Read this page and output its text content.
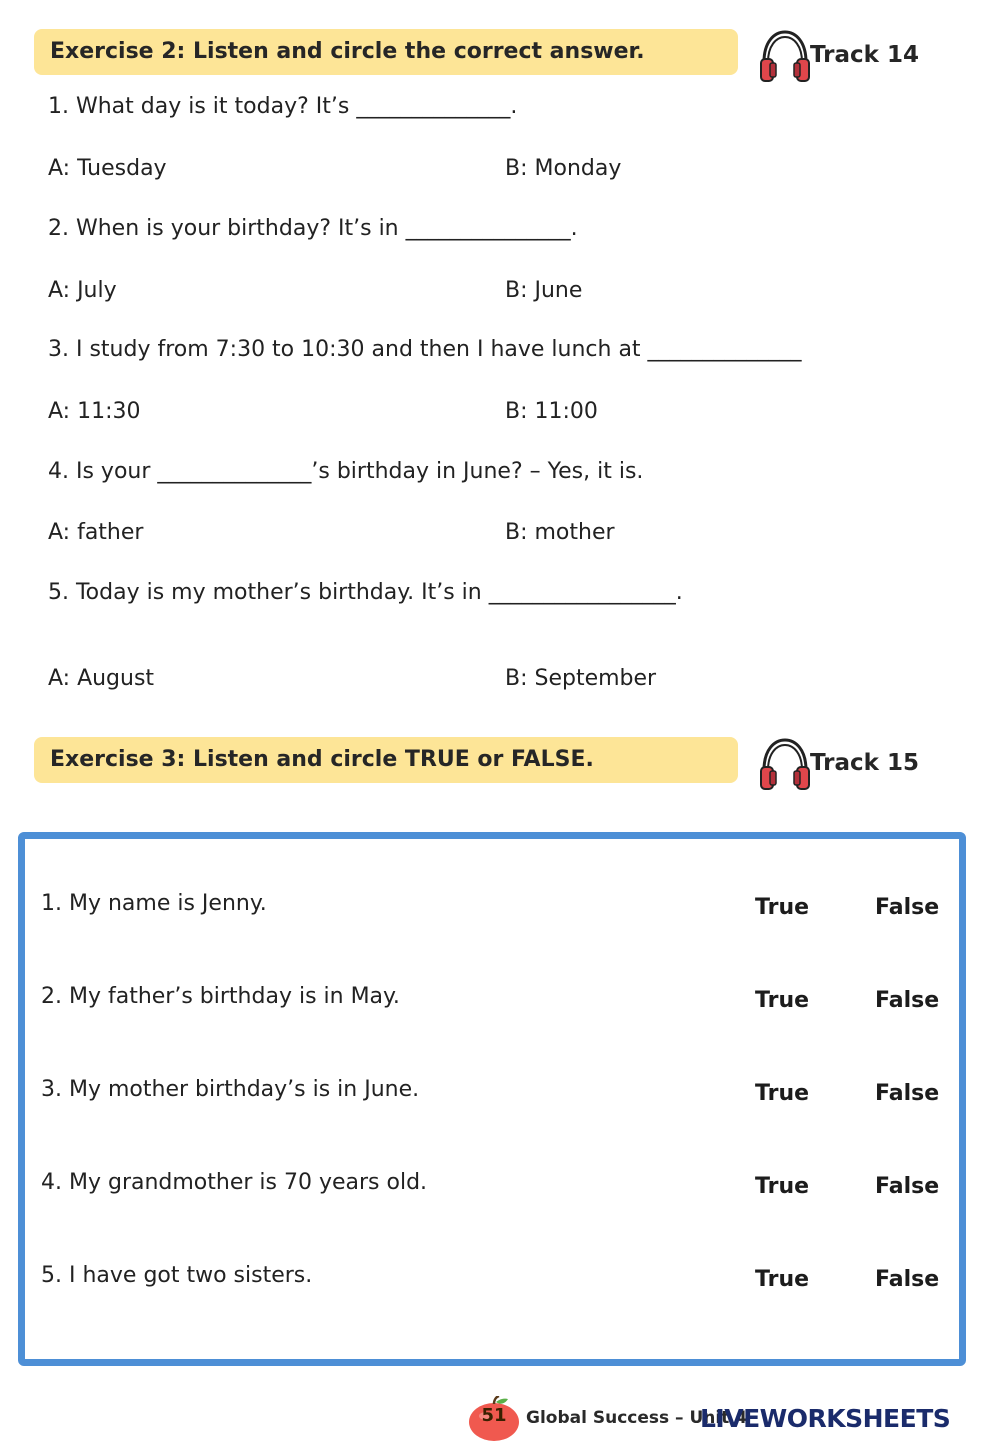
Exercise 2: Listen and circle the correct answer.	Track 14
1. What day is it today? It’s ______________.
A: Tuesday	B: Monday
2. When is your birthday? It’s in _______________.
A: July	B: June
3. I study from 7:30 to 10:30 and then I have lunch at ______________
A: 11:30	B: 11:00
4. Is your ______________’s birthday in June? – Yes, it is.
A: father	B: mother
5. Today is my mother’s birthday. It’s in _________________.
A: August	B: September
Exercise 3: Listen and circle TRUE or FALSE.	Track 15
1. My name is Jenny.	True	False
2. My father’s birthday is in May.	True	False
3. My mother birthday’s is in June.	True	False
4. My grandmother is 70 years old.	True	False
5. I have got two sisters.	True	False
51	Global Success – Unit 4
LIVEWORKSHEETS
